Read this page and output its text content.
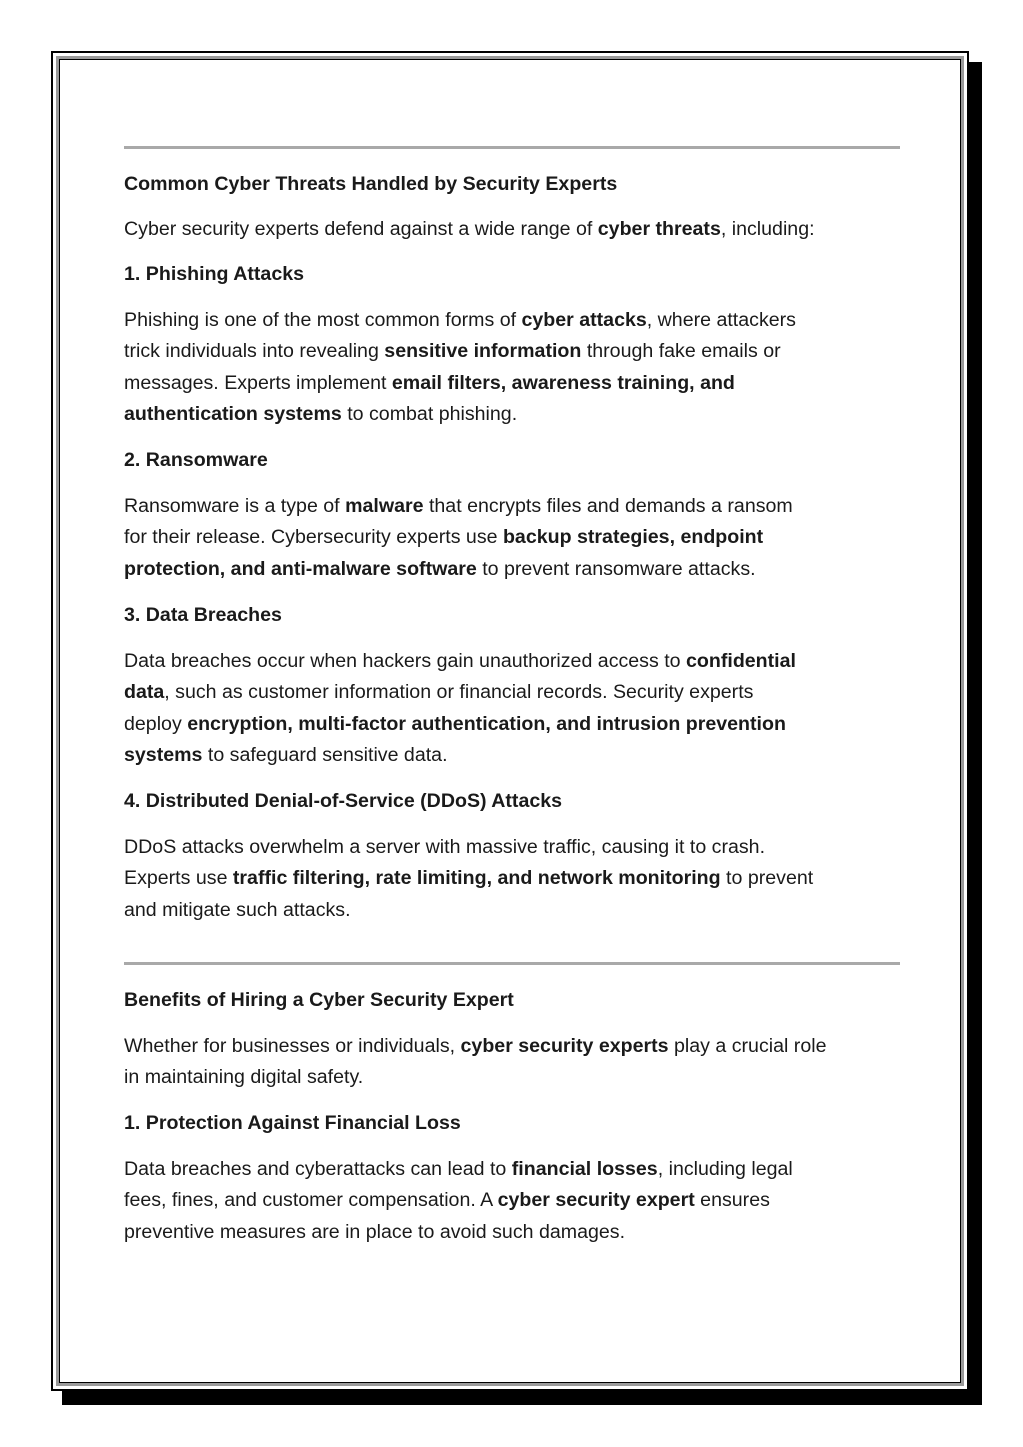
Common Cyber Threats Handled by Security Experts

Cyber security experts defend against a wide range of cyber threats, including:

1. Phishing Attacks

Phishing is one of the most common forms of cyber attacks, where attackers
trick individuals into revealing sensitive information through fake emails or
messages. Experts implement email filters, awareness training, and
authentication systems to combat phishing.

2. Ransomware

Ransomware is a type of malware that encrypts files and demands a ransom
for their release. Cybersecurity experts use backup strategies, endpoint
protection, and anti-malware software to prevent ransomware attacks.

3. Data Breaches

Data breaches occur when hackers gain unauthorized access to confidential
data, such as customer information or financial records. Security experts
deploy encryption, multi-factor authentication, and intrusion prevention
systems to safeguard sensitive data.

4. Distributed Denial-of-Service (DDoS) Attacks

DDoS attacks overwhelm a server with massive traffic, causing it to crash.
Experts use traffic filtering, rate limiting, and network monitoring to prevent
and mitigate such attacks.

Benefits of Hiring a Cyber Security Expert

Whether for businesses or individuals, cyber security experts play a crucial role
in maintaining digital safety.

1. Protection Against Financial Loss

Data breaches and cyberattacks can lead to financial losses, including legal
fees, fines, and customer compensation. A cyber security expert ensures
preventive measures are in place to avoid such damages.
